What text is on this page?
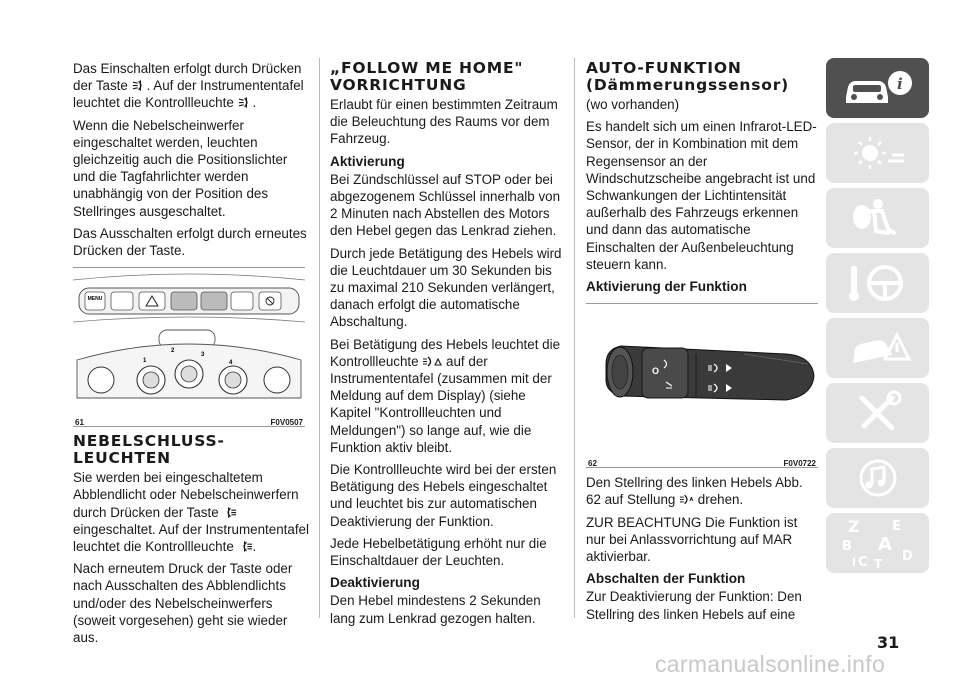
Das Einschalten erfolgt durch Drücken der Taste . Auf der Instrumententafel leuchtet die Kontrollleuchte .

Wenn die Nebelscheinwerfer eingeschaltet werden, leuchten gleichzeitig auch die Positionslichter und die Tagfahrlichter werden unabhängig von der Position des Stellringes ausgeschaltet.

Das Ausschalten erfolgt durch erneutes Drücken der Taste.

MENU
1
2
3
4
61	F0V0507
NEBELSCHLUSS-LEUCHTEN

Sie werden bei eingeschaltetem Abblendlicht oder Nebelscheinwerfern durch Drücken der Taste  eingeschaltet. Auf der Instrumententafel leuchtet die Kontrollleuchte .

Nach erneutem Druck der Taste oder nach Ausschalten des Abblendlichts und/oder des Nebelscheinwerfers (soweit vorgesehen) geht sie wieder aus.

„FOLLOW ME HOME" VORRICHTUNG

Erlaubt für einen bestimmten Zeitraum die Beleuchtung des Raums vor dem Fahrzeug.

Aktivierung

Bei Zündschlüssel auf STOP oder bei abgezogenem Schlüssel innerhalb von 2 Minuten nach Abstellen des Motors den Hebel gegen das Lenkrad ziehen.

Durch jede Betätigung des Hebels wird die Leuchtdauer um 30 Sekunden bis zu maximal 210 Sekunden verlängert, danach erfolgt die automatische Abschaltung.

Bei Betätigung des Hebels leuchtet die Kontrollleuchte  auf der Instrumententafel (zusammen mit der Meldung auf dem Display) (siehe Kapitel "Kontrollleuchten und Meldungen") so lange auf, wie die Funktion aktiv bleibt.

Die Kontrollleuchte wird bei der ersten Betätigung des Hebels eingeschaltet und leuchtet bis zur automatischen Deaktivierung der Funktion.

Jede Hebelbetätigung erhöht nur die Einschaltdauer der Leuchten.

Deaktivierung

Den Hebel mindestens 2 Sekunden lang zum Lenkrad gezogen halten.

AUTO-FUNKTION (Dämmerungssensor)

(wo vorhanden)

Es handelt sich um einen Infrarot-LED-Sensor, der in Kombination mit dem Regensensor an der Windschutzscheibe angebracht ist und Schwankungen der Lichtintensität außerhalb des Fahrzeugs erkennen und dann das automatische Einschalten der Außenbeleuchtung steuern kann.

Aktivierung der Funktion
O
62	F0V0722

Den Stellring des linken Hebels Abb. 62 auf Stellung A drehen.

ZUR BEACHTUNG Die Funktion ist nur bei Anlassvorrichtung auf MAR aktivierbar.

Abschalten der Funktion

Zur Deaktivierung der Funktion: Den Stellring des linken Hebels auf eine

i
Z E
B A
C	D
I T
31
carmanualsonline.info
